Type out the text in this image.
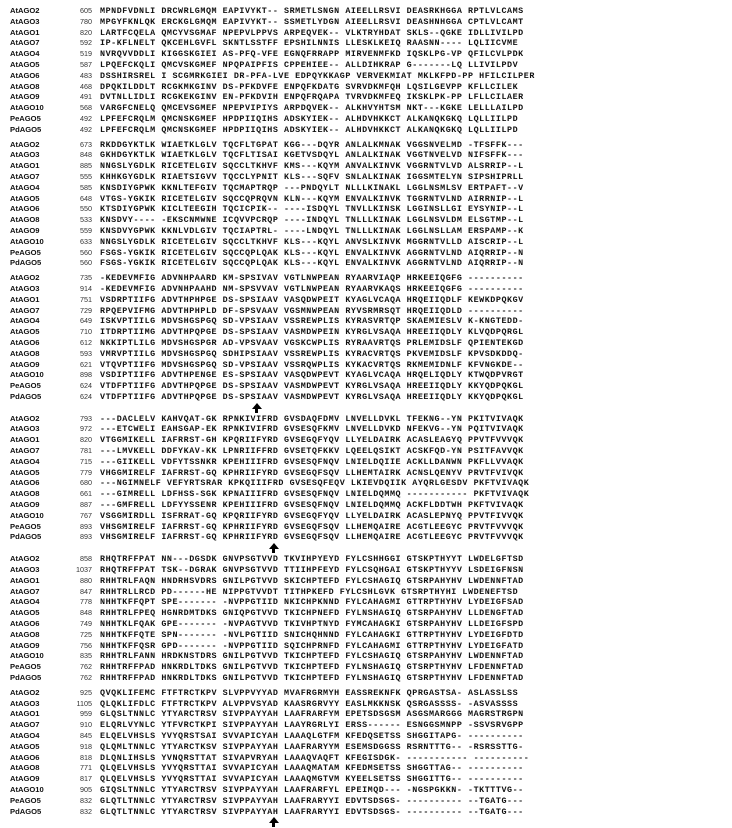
AtAGO2	605 MPNDFVDNLI DRCWRLGMQM EAPIVYKT-- SRMETLSNGN AIEELLRSVI DEASRKHGGA RPTLVLCAMS
AtAGO3	780 MPGYFKNLQK ERCKGLGMQM EAPIVYKT-- SSMETLYDGN AIEELLRSVI DEASHNHGGA CPTLVLCAMT
AtAGO1	820 LARTFCQELA QMCYVSGMAF NPEPVLPPVS ARPEQVEK-- VLKTRYHDAT SKLS--QGKE IDLLIVILPD
AtAGO7	592 IP-KFLNELT QKCEHLGVFL SKNTLSSTFF EPSHILNNIS LLESKLKEIQ RAASNN---- LQLIICVME
AtAGO4	519 NVRQVVDDLI KIGGSKGIEI AS-PFQ-VFE EGNQFRRAPP MIRVENMFKD IQSKLPG-VP QFILCVLPDK
AtAGO5	587 LPQEFCKQLI QMCVSKGMEF NPQPAIPFIS CPPEHIEE-- ALLDIHKRAP G-------LQ LLIVILPDV
AtAGO6	483 DSSHIRSREL I SCGMRKGIEI DR-PFA-LVE EDPQYKKAGP VERVEKMIAT MKLKFPD-PP HFILCILPER
AtAGO8	468 DPQKILDDLT RCGKMKGINV DS-PFKDVFE ENPQFKDATG SVRVDKMFQH LQSILGEVPP KFLLCILEK
AtAGO9	491 DVTNLLIDLI RCGKEKGINV EN-PFKDVIH ENPQFRQAPA TVRVDKMFEQ IKSKLPK-PP LFLLCILAER
AtAGO10	568 VARGFCNELQ QMCEVSGMEF NPEPVIPIYS ARPDQVEK-- ALKHVYHTSM NKT---KGKE LELLLAILPD
PeAGO5	492 LPFEFCRQLM QMCNSKGMEF HPDPIIQIHS ADSKYIEK-- ALHDVHKKCT ALKANQKGKQ LQLLIILPD
PdAGO5	492 LPFEFCRQLM QMCNSKGMEF HPDPIIQIHS ADSKYIEK-- ALHDVHKKCT ALKANQKGKQ LQLLIILPD
AtAGO2	673 RKDDGYKTLK WIAETKLGLV TQCFLTGPAT KGG---DQYR ANLALKMNAK VGGSNVELMD -TFSFFK---
AtAGO3	848 GKHDGYKTLK WIAETKLGLV TQCFLTISAI KGETVSDQYL ANLALKINAK VGGTNVELVD NIFSFFK---
AtAGO1	885 NNGSLYGDLK RICETELGIV SQCCLTKHVF KMS---KQYM ANVALKINVK VGGRNTVLVD ALSRRIP--L
AtAGO7	555 KHHKGYGDLK RIAETSIGVV TQCCLYPNIT KLS---SQFV SNLALKINAK IGGSMTELYN SIPSHIPRLL
AtAGO4	585 KNSDIYGPWK KKNLTEFGIV TQCMAPTRQP ---PNDQYLT NLLLKINAKL LGGLNSMLSV ERTPAFT--V
AtAGO5	648 VTGS-YGKIK RICETELGIV SQCCQPRQVN KLN---KQYM ENVALKINVK TGGRNTVLND AIRRNIP--L
AtAGO6	550 KTSDIYGPWK KICLTEEGIH TQCICPIK-- ----ISDQYL TNVLLKINSK LGGINSLLGI EYSYNIP--L
AtAGO8	533 KNSDVY---- -EKSCNMWNE ICQVVPCRQP ----INDQYL TNLLLKINAK LGGLNSVLDM ELSGTMP--L
AtAGO9	559 KNSDVYGPWK KKNLVDLGIV TQCIAPTRL- ----LNDQYL TNLLLKINAK LGGLNSLLAM ERSPAMP--K
AtAGO10	633 NNGSLYGDLK RICETELGIV SQCCLTKHVF KLS---KQYL ANVSLKINVK MGGRNTVLLD AISCRIP--L
PeAGO5	560 FSGS-YGKIK RICETELGIV SQCCQPLQAK KLS---KQYL ENVALKINVK AGGRNTVLND AIQRRIP--N
PdAGO5	560 FSGS-YGKIK RICETELGIV SQCCQPLQAK KLS---KQYL ENVALKINVK AGGRNTVLND AIQRRIP--N
AtAGO2	735 -KEDEVMFIG ADVNHPAARD KM-SPSIVAV VGTLNWPEAN RYAARVIAQP HRKEEIQGFG ----------
AtAGO3	914 -KEDEVMFIG ADVNHPAAHD NM-SPSVVAV VGTLNWPEAN RYAARVKAQS HRKEEIQGFG ----------
AtAGO1	751 VSDRPTIIFG ADVTHPHPGE DS-SPSIAAV VASQDWPEIT KYAGLVCAQA HRQEIIQDLF KEWKDPQKGV
AtAGO7	729 RPQEPVIFMG ADVTHPHPLD DF-SPSVAAV VGSMNWPEAN RYVSRMRSQT HRQEIIQDLD ----------
AtAGO4	649 ISKVPTIILG MDVSHGSPGQ SD-VPSIAAV VSSREWPLIS KYRASVRTQP SKAEMIESLV K-KNGTEDD-
AtAGO5	710 ITDRPTIIMG ADVTHPQPGE DS-SPSIAAV VASMDWPEIN KYRGLVSAQA HREEIIQDLY KLVQDPQRGL
AtAGO6	612 NKKIPTLILG MDVSHGSPGR AD-VPSVAAV VGSKCWPLIS RYRAAVRTQS PRLEMIDSLF QPIENTEKGD
AtAGO8	593 VMRVPTIILG MDVSHGSPGQ SDHIPSIAAV VSSREWPLIS KYRACVRTQS PKVEMIDSLF KPVSDKDDQ-
AtAGO9	621 VTQVPTIIFG MDVSHGSPGQ SD-VPSIAAV VSSRQWPLIS KYKACVRTQS RKMEMIDNLF KFVNGKDE--
AtAGO10	898 VSDIPTIIFG ADVTHPENGE ES-SPSIAAV VASQDWPEVT KYAGLVCAQA HRQELIQDLY KTWQDPVRGT
PeAGO5	624 VTDFPTIIFG ADVTHPQPGE DS-SPSIAAV VASMDWPEVT KYRGLVSAQA HREEIIQDLY KKYQDPQKGL
PdAGO5	624 VTDFPTIIFG ADVTHPQPGE DS-SPSIAAV VASMDWPEVT KYRGLVSAQA HREEIIQDLY KKYQDPQKGL
AtAGO2	793 ---DACLELV KAHVQAT-GK RPNKIVIFRD GVSDAQFDMV LNVELLDVKL TFEKNG--YN PKITVIVAQK
AtAGO3	972 ---ETCWELI EAHSGAP-EK RPNKIVIFRD GVSESQFKMV LNVELLDVKD NFEKVG--YN PQITVIVAQK
AtAGO1	820 VTGGMIKELL IAFRRST-GH KPQRIIFYRD GVSEGQFYQV LLYELDAIRK ACASLEAGYQ PPVTFVVVQK
AtAGO7	781 ---LMVKELL DDFYKAV-KK LPNRIIFFRD GVSETQFKKV LQEELQSIKT ACSKFQD-YN PSITFAVVQK
AtAGO4	715 ---GIIKELL VDFYTSSNKR KPEHIIIFRD GVSESQFNQV LNIELDQIIE ACKLLDANWN PKFLLVVAQK
AtAGO5	779 VHGGMIRELF IAFRRST-GQ KPHRIIFYRD GVSEGQFSQV LLHEMTAIRK ACNSLQENYV PRVTFVIVQK
AtAGO6	680 ---NGIMNELF VEFYRTSRAR KPKQIIIFRD GVSESQFEQV LKIEVDQIIK AYQRLGESDV PKFTVIVAQK
AtAGO8	661 ---GIMRELL LDFHSS-SGK KPNAIIIFRD GVSESQFNQV LNIELDQMMQ ----------- PKFTVIVAQK
AtAGO9	887 ---GMFRELL LDFYYSSENR KPEHIIIFRD GVSESQFNQV LNIELDQMMQ ACKFLDDTWH PKFTVIVAQK
AtAGO10	767 VSGGMIRDLL ISFRRAT-GQ KPQRIIFYRD GVSEGQFYQV LLYELDAIRK ACASLEPNYQ PPVTFIVVQK
PeAGO5	893 VHSGMIRELF IAFRRST-GQ KPHRIIFYRD GVSEGQFSQV LLHEMQAIRE ACGTLEEGYC PRVTFVVVQK
PdAGO5	893 VHSGMIRELF IAFRRST-GQ KPHRIIFYRD GVSEGQFSQV LLHEMQAIRE ACGTLEEGYC PRVTFVVVQK
AtAGO2	858 RHQTRFFPAT NN---DGSDK GNVPSGTVVD TKVIHPYEYD FYLCSHHGGI GTSKPTHYYT LWDELGFTSD
AtAGO3	1037 RHQTRFFPAT TSK--DGRAK GNVPSGTVVD TTIIHPFEYD FYLCSQHGAI GTSKPTHYYV LSDEIGFNSN
AtAGO1	880 RHHTRLFAQN HNDRHSVDRS GNILPGTVVD SKICHPTEFD FYLCSHAGIQ GTSRPAHYHV LWDENNFTAD
AtAGO7	847 RHHTRLLRCD PD------HE NIPPGTVVDT TITHPKEFD FYLCSHLGVK GTSRPTHYHI LWDENEFTSD
AtAGO4	778 NHHTKFFQPT SPE------- -NVPPGTIID NKICHPKNND FYLCAHAGMI GTTRPTHYHV LYDEIGFSAD
AtAGO5	848 RHHTRLFPEQ HGNRDMTDKS GNIQPGTVVD TKICHPNEFD FYLNSHAGIQ GTSRPAHYHV LLDENGFTAD
AtAGO6	749 NHHTKLFQAK GPE------- -NVPAGTVVD TKIVHPTNYD FYMCAHAGKI GTSRPAHYHV LLDEIGFSPD
AtAGO8	725 NHHTKFFQTE SPN------- -NVLPGTIID SNICHQHNND FYLCAHAGKI GTTRPTHYHV LYDEIGFDTD
AtAGO9	756 NHHTKFFQSR GPD------- -NVPPGTIID SQICHPRNFD FYLCAHAGMI GTTRPTHYHV LYDEIGFATD
AtAGO10	835 RHHTRLFANN HRDKNSTDRS GNILPGTVVD TKICHPTEFD FYLCSHAGIQ GTSRPAHYHV LWDENNFTAD
PeAGO5	762 RHHTRFFPAD HNKRDLTDKS GNILPGTVVD TKICHPTEFD FYLNSHAGIQ GTSRPTHYHV LFDENNFTAD
PdAGO5	762 RHHTRFFPAD HNKRDLTDKS GNILPGTVVD TKICHPTEFD FYLNSHAGIQ GTSRPTHYHV LFDENNFTAD
AtAGO2	925 QVQKLIFEMC FTFTRCTKPV SLVPPVYYAD MVAFRGRMYH EASSREKNFK QPRGASTSA- ASLASSLSS
AtAGO3	1105 QLQKLIFDLC FTFTRCTKPV ALVPPVSYAD KAASRGRVYY EASLMKKNSK QSRGASSSS- -ASVASSSS
AtAGO1	959 GLQSLTNNLC YTYARCTRSV SIVPPAYYAH LAAFRARFYM EPETSDSGSM ASGSMARGGG MAGRSTRGPN
AtAGO7	910 ELQRLVYNLC YTFVRCTKPI SIVPPAYYAH LAAYRGRLYI ERSS------ ESNGGSMNPP -SSVSRVGPP
AtAGO4	845 ELQELVHSLS YVYQRSTSAI SVVAPICYAH LAAAQLGTFM KFEDQSETSS SHGGITAPG- ----------
AtAGO5	918 QLQMLTNNLC YTYARCTKSV SIVPPAYYAH LAAFRARYYM ESEMSDGGSS RSRNTTTG-- -RSRSSTTG-
AtAGO6	818 DLQNLIHSLS YVNQRSTTAT SIVAPVRYAH LAAAQVAQFT KFEGISDGK- ----------- ----------
AtAGO8	771 QLQELVHSLS YVYQRSTTAI SVVAPICYAH LAAAQMATAM KFEDMSETSS SHGGTTAG-- ----------
AtAGO9	817 QLQELVHSLS YVYQRSTTAI SVVAPICYAH LAAAQMGTVM KYEELSETSS SHGGITTG-- ----------
AtAGO10	905 GIQSLTNNLC YTYARCTRSV SIVPPAYYAH LAAFRARFYL EPEIMQD--- -NGSPGKKN- -TKTTTVG--
PeAGO5	832 GLQTLTNNLC YTYARCTRSV SIVPPAYYAH LAAFRARYYI EDVTSDSGS- ---------- --TGATG---
PdAGO5	832 GLQTLTNNLC YTYARCTRSV SIVPPAYYAH LAAFRARYYI EDVTSDSGS- ---------- --TGATG---
